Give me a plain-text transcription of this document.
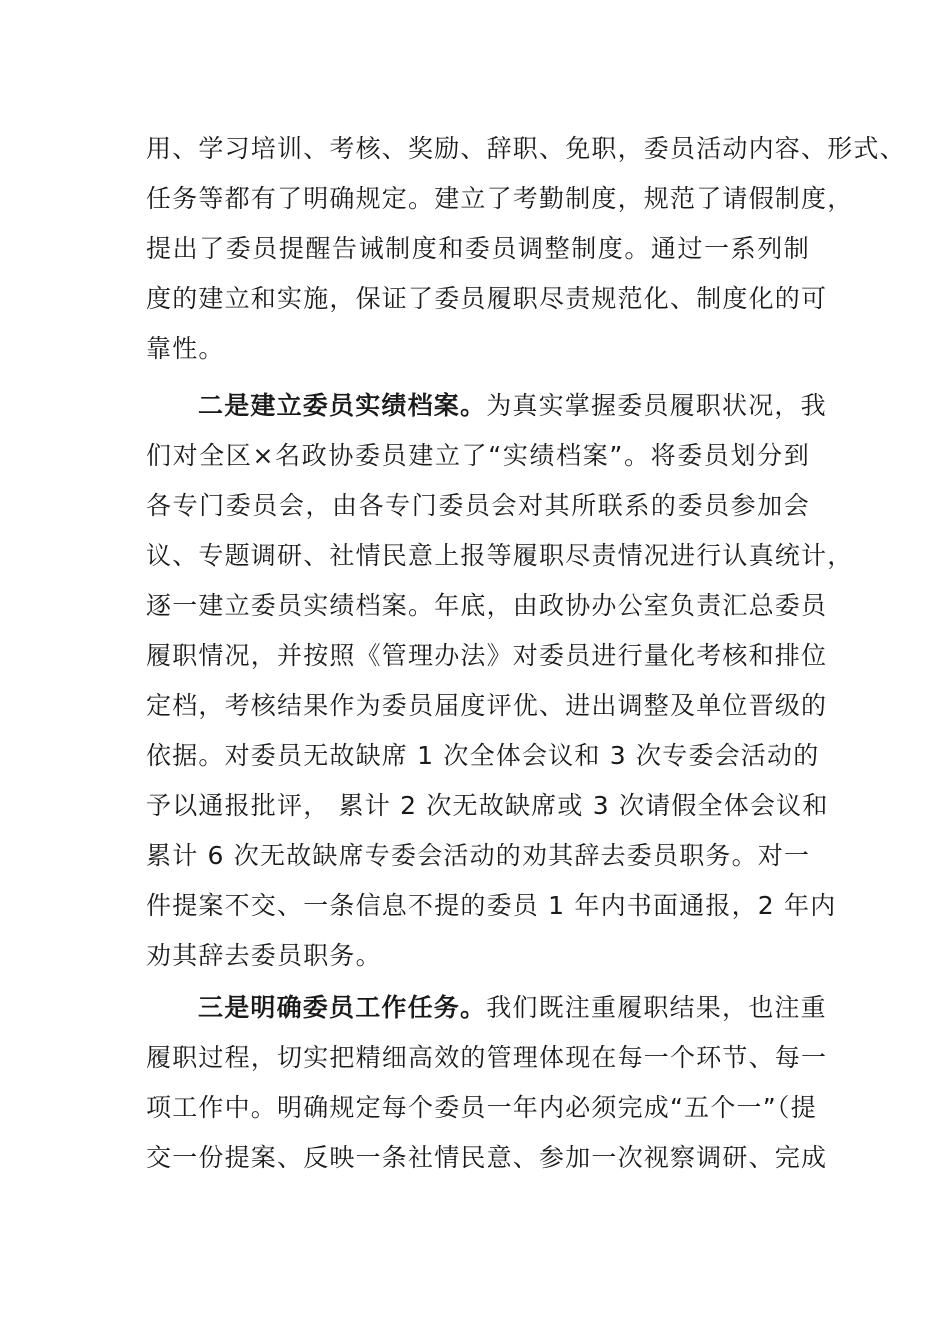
用、学习培训、考核、奖励、辞职、免职，委员活动内容、形式、
任务等都有了明确规定。建立了考勤制度，规范了请假制度，
提出了委员提醒告诫制度和委员调整制度。通过一系列制
度的建立和实施，保证了委员履职尽责规范化、制度化的可
靠性。
二是建立委员实绩档案。为真实掌握委员履职状况，我
们对全区×名政协委员建立了“实绩档案”。将委员划分到
各专门委员会，由各专门委员会对其所联系的委员参加会
议、专题调研、社情民意上报等履职尽责情况进行认真统计，
逐一建立委员实绩档案。年底，由政协办公室负责汇总委员
履职情况，并按照《管理办法》对委员进行量化考核和排位
定档，考核结果作为委员届度评优、进出调整及单位晋级的
依据。对委员无故缺席 1 次全体会议和 3 次专委会活动的
予以通报批评， 累计 2 次无故缺席或 3 次请假全体会议和
累计 6 次无故缺席专委会活动的劝其辞去委员职务。对一
件提案不交、一条信息不提的委员 1 年内书面通报，2 年内
劝其辞去委员职务。
三是明确委员工作任务。我们既注重履职结果，也注重
履职过程，切实把精细高效的管理体现在每一个环节、每一
项工作中。明确规定每个委员一年内必须完成“五个一”（提
交一份提案、反映一条社情民意、参加一次视察调研、完成
